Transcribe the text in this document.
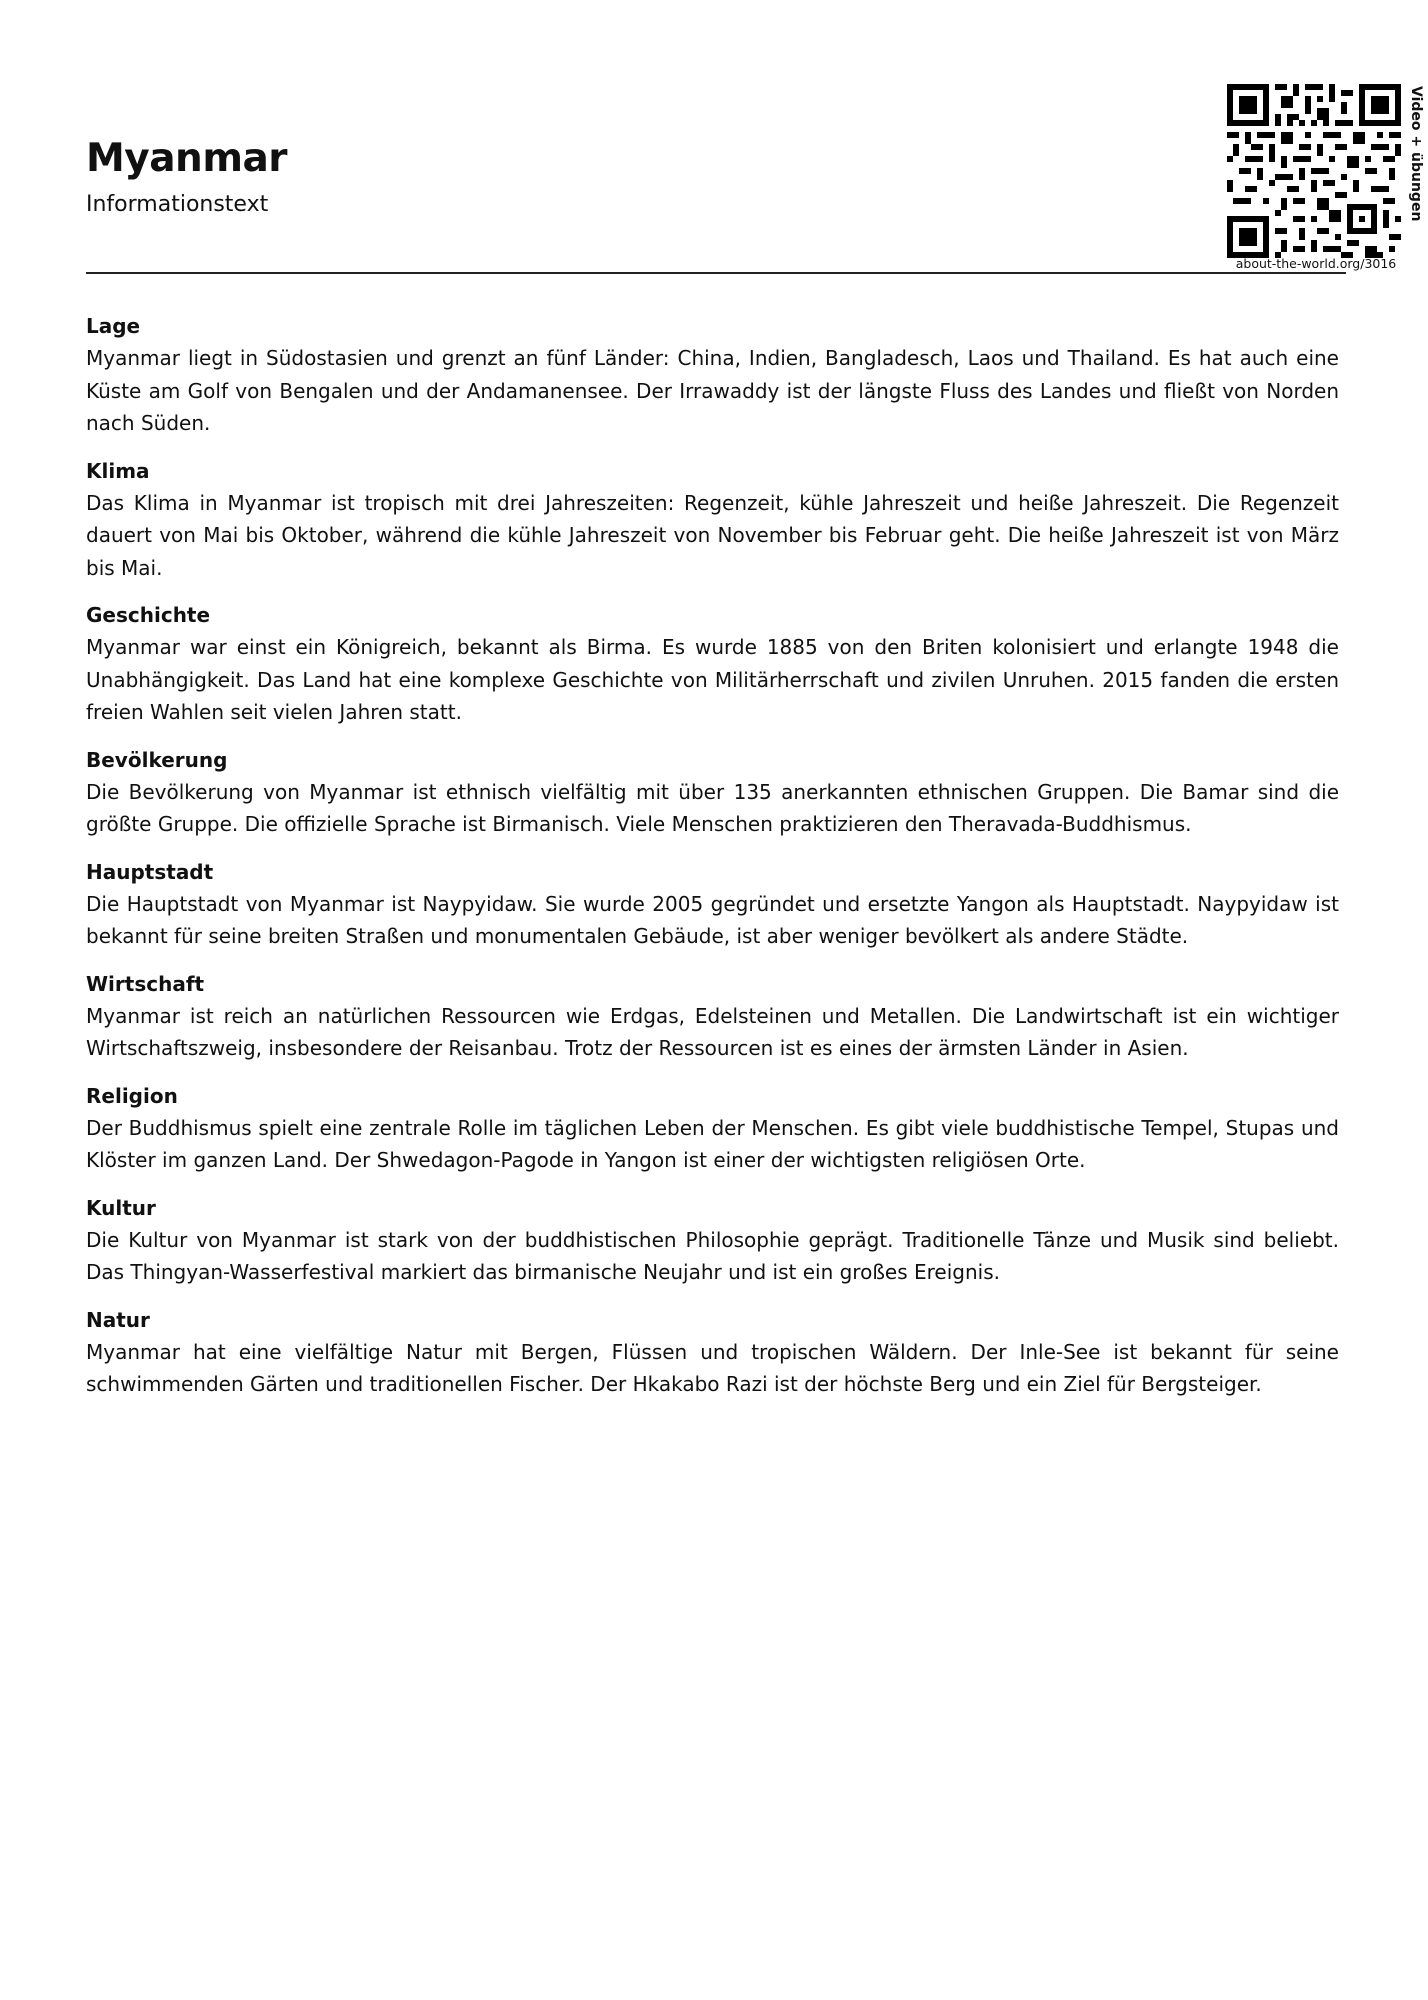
Myanmar
Informationstext	Video + übungen
about-the-world.org/3016
Lage

Myanmar liegt in Südostasien und grenzt an fünf Länder: China, Indien, Bangladesch, Laos und Thailand. Es hat auch eine Küste am Golf von Bengalen und der Andamanensee. Der Irrawaddy ist der längste Fluss des Landes und fließt von Norden nach Süden.

Klima

Das Klima in Myanmar ist tropisch mit drei Jahreszeiten: Regenzeit, kühle Jahreszeit und heiße Jahreszeit. Die Regenzeit dauert von Mai bis Oktober, während die kühle Jahreszeit von November bis Februar geht. Die heiße Jahreszeit ist von März bis Mai.

Geschichte

Myanmar war einst ein Königreich, bekannt als Birma. Es wurde 1885 von den Briten kolonisiert und erlangte 1948 die Unabhängigkeit. Das Land hat eine komplexe Geschichte von Militärherrschaft und zivilen Unruhen. 2015 fanden die ersten freien Wahlen seit vielen Jahren statt.

Bevölkerung

Die Bevölkerung von Myanmar ist ethnisch vielfältig mit über 135 anerkannten ethnischen Gruppen. Die Bamar sind die größte Gruppe. Die offizielle Sprache ist Birmanisch. Viele Menschen praktizieren den Theravada-Buddhismus.

Hauptstadt

Die Hauptstadt von Myanmar ist Naypyidaw. Sie wurde 2005 gegründet und ersetzte Yangon als Hauptstadt. Naypyidaw ist bekannt für seine breiten Straßen und monumentalen Gebäude, ist aber weniger bevölkert als andere Städte.

Wirtschaft

Myanmar ist reich an natürlichen Ressourcen wie Erdgas, Edelsteinen und Metallen. Die Landwirtschaft ist ein wichtiger Wirtschaftszweig, insbesondere der Reisanbau. Trotz der Ressourcen ist es eines der ärmsten Länder in Asien.

Religion

Der Buddhismus spielt eine zentrale Rolle im täglichen Leben der Menschen. Es gibt viele buddhistische Tempel, Stupas und Klöster im ganzen Land. Der Shwedagon-Pagode in Yangon ist einer der wichtigsten religiösen Orte.

Kultur

Die Kultur von Myanmar ist stark von der buddhistischen Philosophie geprägt. Traditionelle Tänze und Musik sind beliebt. Das Thingyan-Wasserfestival markiert das birmanische Neujahr und ist ein großes Ereignis.

Natur

Myanmar hat eine vielfältige Natur mit Bergen, Flüssen und tropischen Wäldern. Der Inle-See ist bekannt für seine schwimmenden Gärten und traditionellen Fischer. Der Hkakabo Razi ist der höchste Berg und ein Ziel für Bergsteiger.
